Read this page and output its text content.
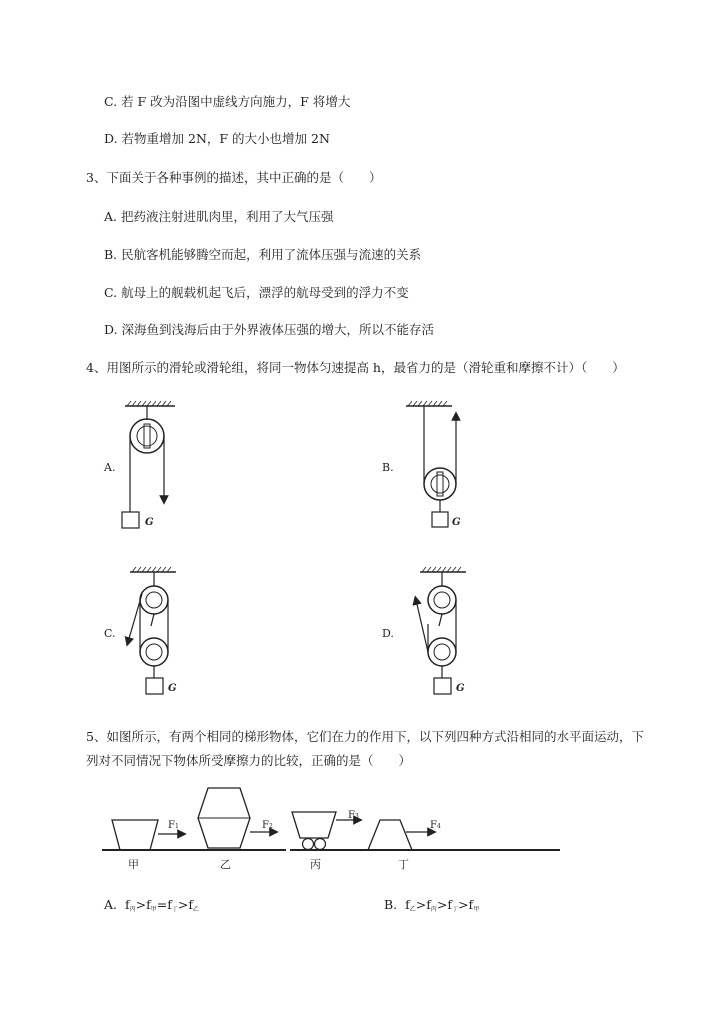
C. 若 F 改为沿图中虚线方向施力，F 将增大
D. 若物重增加 2N，F 的大小也增加 2N
3、下面关于各种事例的描述，其中正确的是（　　）
A. 把药液注射进肌肉里，利用了大气压强
B. 民航客机能够腾空而起，利用了流体压强与流速的关系
C. 航母上的舰载机起飞后，漂浮的航母受到的浮力不变
D. 深海鱼到浅海后由于外界液体压强的增大，所以不能存活
4、用图所示的滑轮或滑轮组，将同一物体匀速提高 h，最省力的是（滑轮重和摩擦不计）（　　）
A.	B.
C.	D.
G	G
G	G
5、如图所示，有两个相同的梯形物体，它们在力的作用下，以下列四种方式沿相同的水平面运动，下
列对不同情况下物体所受摩擦力的比较，正确的是（　　）
F1
甲
F2
乙
F3
丙
F4
丁
A. $f_丙>f_甲=f_丁>f_乙$	B. $f_乙>f_丙>f_丁>f_甲$
